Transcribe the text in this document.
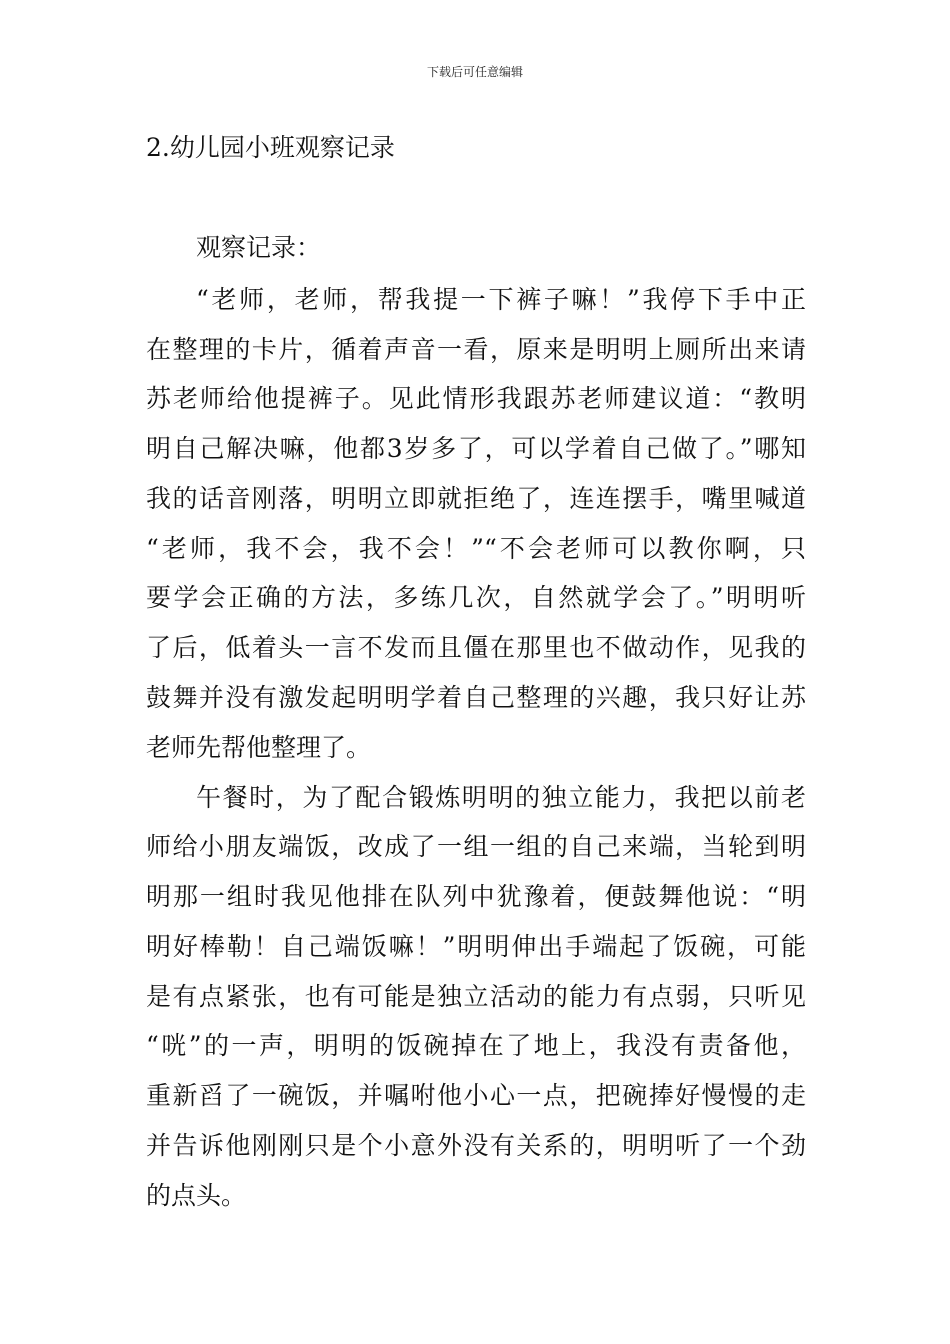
下载后可任意编辑
2.幼儿园小班观察记录
观察记录：
“老师，老师，帮我提一下裤子嘛！”我停下手中正
在整理的卡片，循着声音一看，原来是明明上厕所出来请
苏老师给他提裤子。见此情形我跟苏老师建议道：“教明
明自己解决嘛，他都3岁多了，可以学着自己做了。”哪知
我的话音刚落，明明立即就拒绝了，连连摆手，嘴里喊道
“老师，我不会，我不会！”“不会老师可以教你啊，只
要学会正确的方法，多练几次，自然就学会了。”明明听
了后，低着头一言不发而且僵在那里也不做动作，见我的
鼓舞并没有激发起明明学着自己整理的兴趣，我只好让苏
老师先帮他整理了。
午餐时，为了配合锻炼明明的独立能力，我把以前老
师给小朋友端饭，改成了一组一组的自己来端，当轮到明
明那一组时我见他排在队列中犹豫着，便鼓舞他说：“明
明好棒勒！自己端饭嘛！”明明伸出手端起了饭碗，可能
是有点紧张，也有可能是独立活动的能力有点弱，只听见
“咣”的一声，明明的饭碗掉在了地上，我没有责备他，
重新舀了一碗饭，并嘱咐他小心一点，把碗捧好慢慢的走
并告诉他刚刚只是个小意外没有关系的，明明听了一个劲
的点头。
